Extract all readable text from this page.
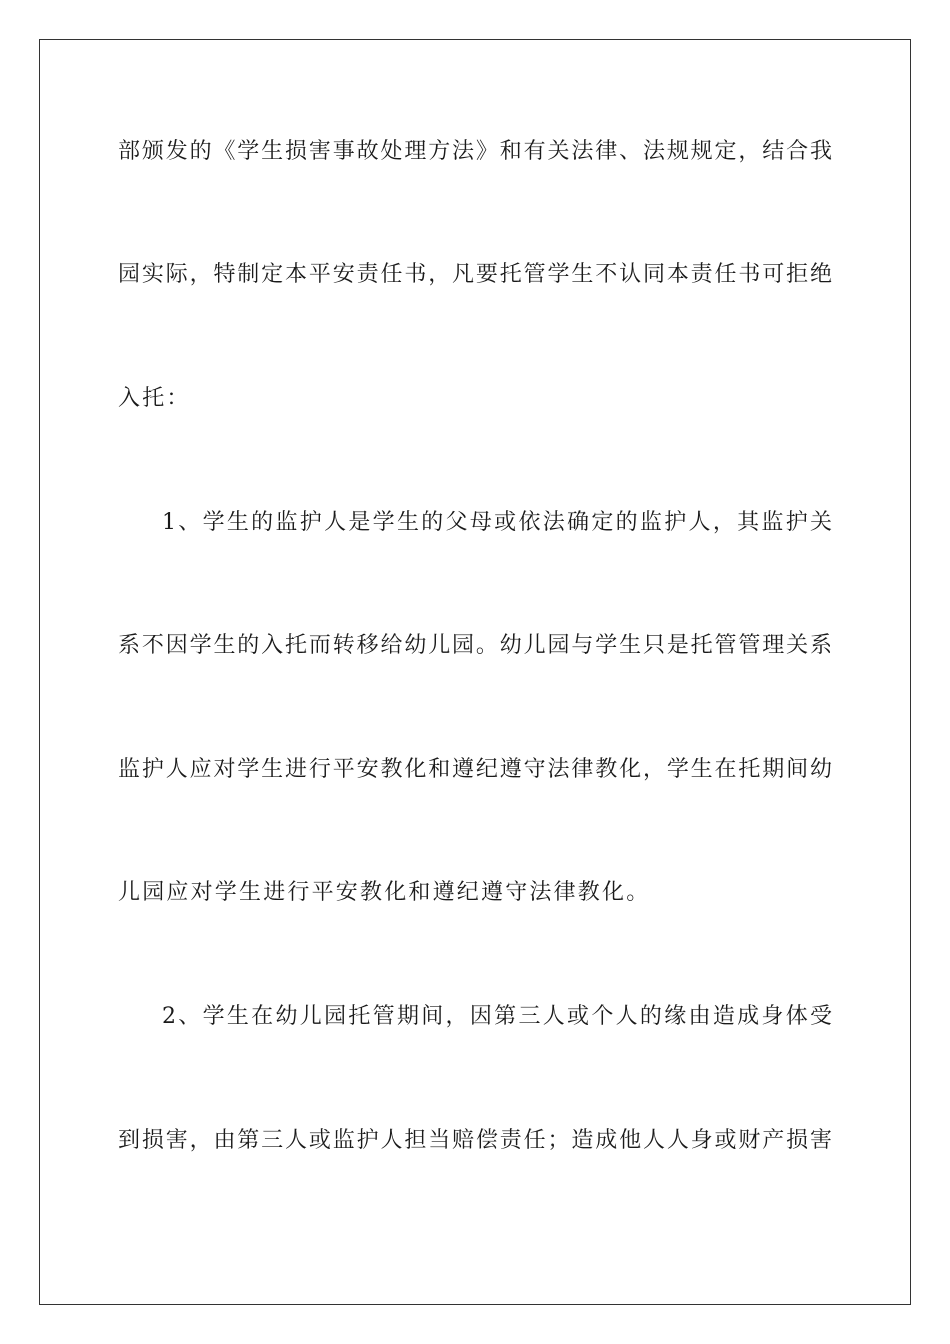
部颁发的《学生损害事故处理方法》和有关法律、法规规定，结合我
园实际，特制定本平安责任书，凡要托管学生不认同本责任书可拒绝
入托：
1、学生的监护人是学生的父母或依法确定的监护人，其监护关
系不因学生的入托而转移给幼儿园。幼儿园与学生只是托管管理关系
监护人应对学生进行平安教化和遵纪遵守法律教化，学生在托期间幼
儿园应对学生进行平安教化和遵纪遵守法律教化。
2、学生在幼儿园托管期间，因第三人或个人的缘由造成身体受
到损害，由第三人或监护人担当赔偿责任；造成他人人身或财产损害
